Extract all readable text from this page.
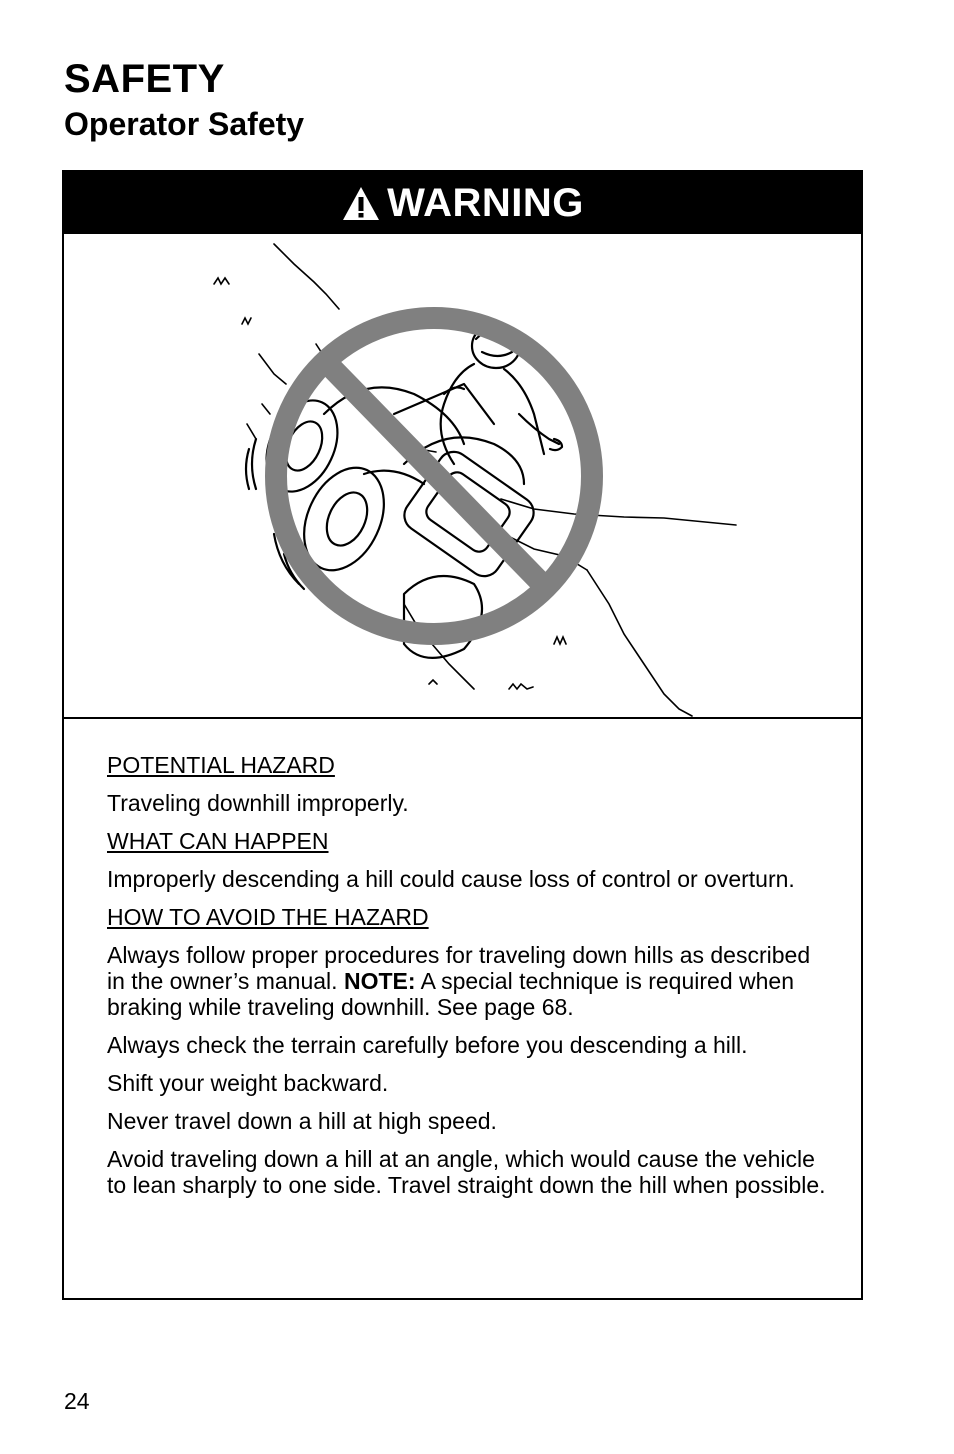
SAFETY
Operator Safety
WARNING

POTENTIAL HAZARD

Traveling downhill improperly.

WHAT CAN HAPPEN

Improperly descending a hill could cause loss of control or overturn.

HOW TO AVOID THE HAZARD

Always follow proper procedures for traveling down hills as described in the owner’s manual. NOTE: A special technique is required when braking while traveling downhill. See page 68.

Always check the terrain carefully before you descending a hill.

Shift your weight backward.

Never travel down a hill at high speed.

Avoid traveling down a hill at an angle, which would cause the vehicle to lean sharply to one side. Travel straight down the hill when possible.

24
